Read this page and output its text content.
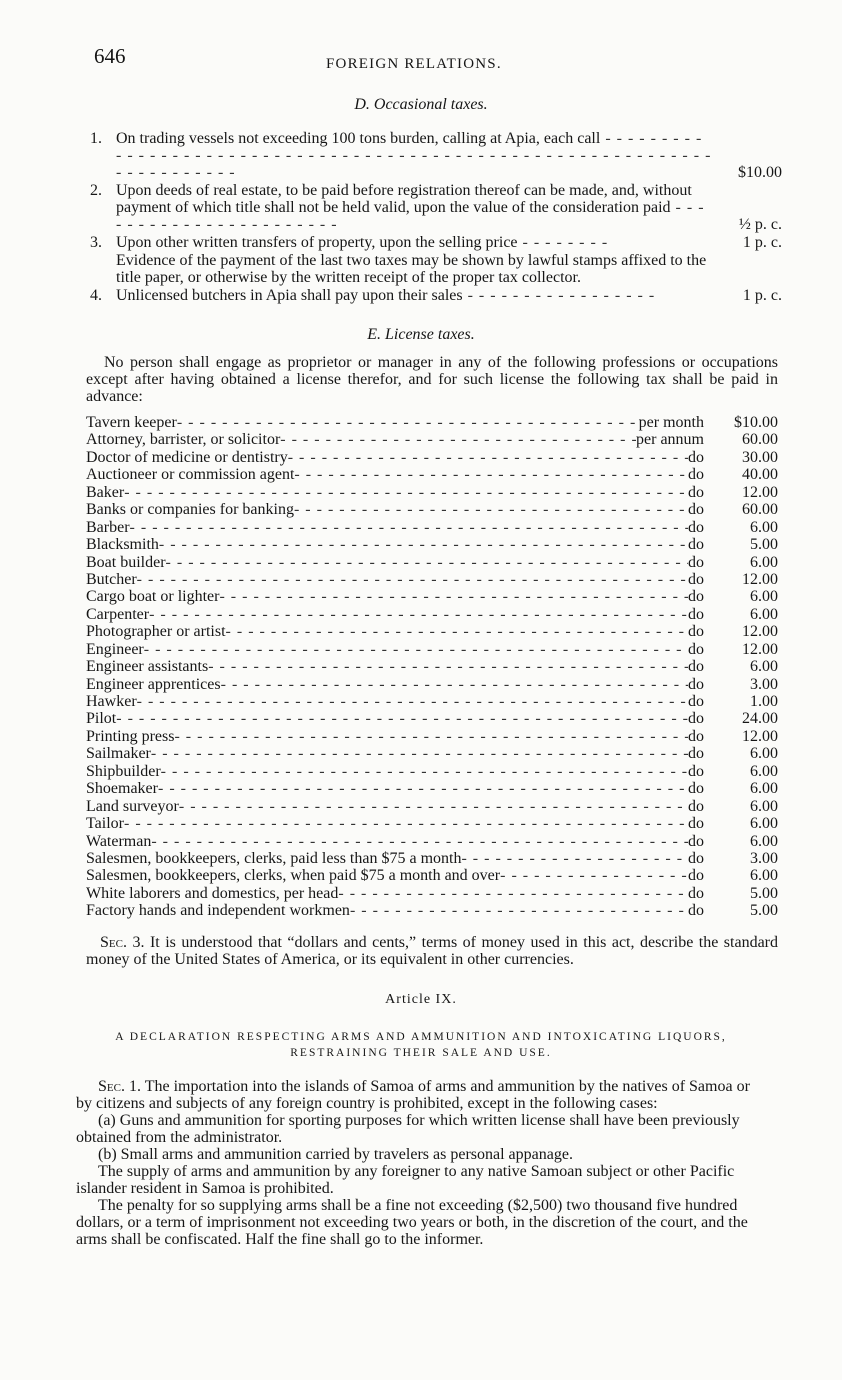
646	FOREIGN RELATIONS.
D. Occasional taxes.
1. On trading vessels not exceeding 100 tons burden, calling at Apia, each call - - - - - - - - - - - - - - - - - - - - - - - - - - - - - - - - - - - - - - - - - - - - - - - - - - - - - - - - - - - - - - - - - - - - - - - - -	$10.00
2. Upon deeds of real estate, to be paid before registration thereof can be made, and, without payment of which title shall not be held valid, upon the value of the consideration paid - - - - - - - - - - - - - - - - - - - - - - -	½ p. c.
3. Upon other written transfers of property, upon the selling price - - - - - - - -	1 p. c.
Evidence of the payment of the last two taxes may be shown by lawful stamps affixed to the title paper, or otherwise by the written receipt of the proper tax collector.
4. Unlicensed butchers in Apia shall pay upon their sales - - - - - - - - - - - - - - - - -	1 p. c.
E. License taxes.
No person shall engage as proprietor or manager in any of the following professions or occupations except after having obtained a license therefor, and for such license the following tax shall be paid in advance:
Tavern keeper - - -	per month	$10.00
Attorney, barrister, or solicitor - - -	per annum	60.00
Doctor of medicine or dentistry - - -	do	30.00
Auctioneer or commission agent - - -	do	40.00
Baker - - -	do	12.00
Banks or companies for banking - - -	do	60.00
Barber - - -	do	6.00
Blacksmith - - -	do	5.00
Boat builder - - -	do	6.00
Butcher - - -	do	12.00
Cargo boat or lighter - - -	do	6.00
Carpenter - - -	do	6.00
Photographer or artist - - -	do	12.00
Engineer - - -	do	12.00
Engineer assistants - - -	do	6.00
Engineer apprentices - - -	do	3.00
Hawker - - -	do	1.00
Pilot - - -	do	24.00
Printing press - - -	do	12.00
Sailmaker - - -	do	6.00
Shipbuilder - - -	do	6.00
Shoemaker - - -	do	6.00
Land surveyor - - -	do	6.00
Tailor - - -	do	6.00
Waterman - - -	do	6.00
Salesmen, bookkeepers, clerks, paid less than $75 a month - - -	do	3.00
Salesmen, bookkeepers, clerks, when paid $75 a month and over - - -	do	6.00
White laborers and domestics, per head - - -	do	5.00
Factory hands and independent workmen - - -	do	5.00
Sec. 3. It is understood that “dollars and cents,” terms of money used in this act, describe the standard money of the United States of America, or its equivalent in other currencies.
Article IX.
A DECLARATION RESPECTING ARMS AND AMMUNITION AND INTOXICATING LIQUORS,
RESTRAINING THEIR SALE AND USE.

Sec. 1. The importation into the islands of Samoa of arms and ammunition by the natives of Samoa or by citizens and subjects of any foreign country is prohibited, except in the following cases:

(a) Guns and ammunition for sporting purposes for which written license shall have been previously obtained from the administrator.

(b) Small arms and ammunition carried by travelers as personal appanage.

The supply of arms and ammunition by any foreigner to any native Samoan subject or other Pacific islander resident in Samoa is prohibited.

The penalty for so supplying arms shall be a fine not exceeding ($2,500) two thousand five hundred dollars, or a term of imprisonment not exceeding two years or both, in the discretion of the court, and the arms shall be confiscated. Half the fine shall go to the informer.
